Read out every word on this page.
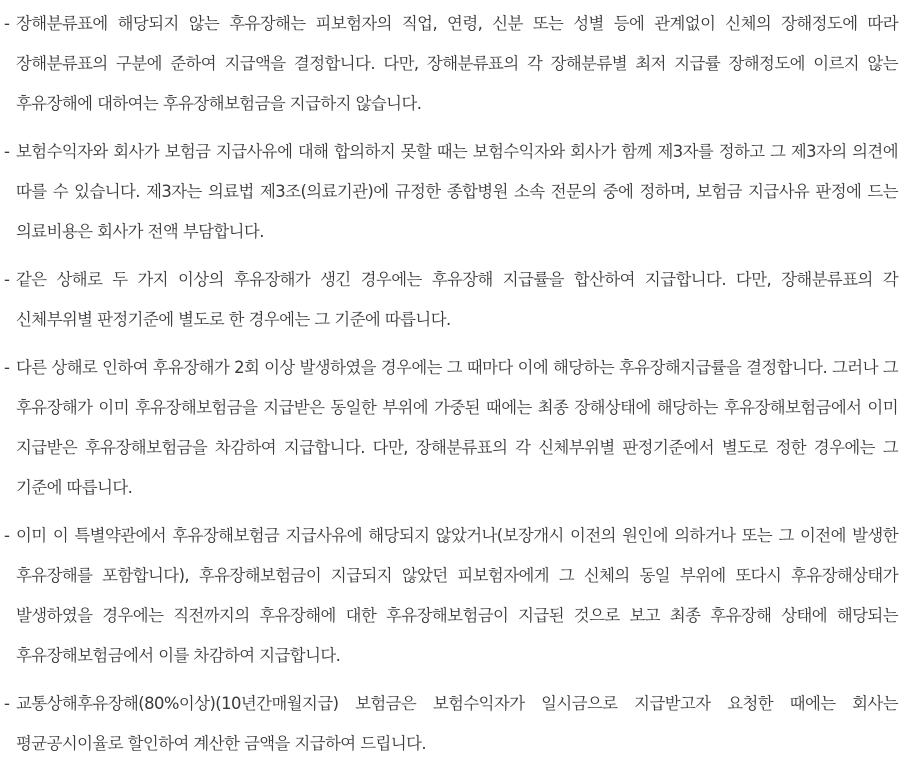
- 장해분류표에 해당되지 않는 후유장해는 피보험자의 직업, 연령, 신분 또는 성별 등에 관계없이 신체의 장해정도에 따라 장해분류표의 구분에 준하여 지급액을 결정합니다. 다만, 장해분류표의 각 장해분류별 최저 지급률 장해정도에 이르지 않는 후유장해에 대하여는 후유장해보험금을 지급하지 않습니다.
- 보험수익자와 회사가 보험금 지급사유에 대해 합의하지 못할 때는 보험수익자와 회사가 함께 제3자를 정하고 그 제3자의 의견에 따를 수 있습니다. 제3자는 의료법 제3조(의료기관)에 규정한 종합병원 소속 전문의 중에 정하며, 보험금 지급사유 판정에 드는 의료비용은 회사가 전액 부담합니다.
- 같은 상해로 두 가지 이상의 후유장해가 생긴 경우에는 후유장해 지급률을 합산하여 지급합니다. 다만, 장해분류표의 각 신체부위별 판정기준에 별도로 한 경우에는 그 기준에 따릅니다.
- 다른 상해로 인하여 후유장해가 2회 이상 발생하였을 경우에는 그 때마다 이에 해당하는 후유장해지급률을 결정합니다. 그러나 그 후유장해가 이미 후유장해보험금을 지급받은 동일한 부위에 가중된 때에는 최종 장해상태에 해당하는 후유장해보험금에서 이미 지급받은 후유장해보험금을 차감하여 지급합니다. 다만, 장해분류표의 각 신체부위별 판정기준에서 별도로 정한 경우에는 그 기준에 따릅니다.
- 이미 이 특별약관에서 후유장해보험금 지급사유에 해당되지 않았거나(보장개시 이전의 원인에 의하거나 또는 그 이전에 발생한 후유장해를 포함합니다), 후유장해보험금이 지급되지 않았던 피보험자에게 그 신체의 동일 부위에 또다시 후유장해상태가 발생하였을 경우에는 직전까지의 후유장해에 대한 후유장해보험금이 지급된 것으로 보고 최종 후유장해 상태에 해당되는 후유장해보험금에서 이를 차감하여 지급합니다.
- 교통상해후유장해(80%이상)(10년간매월지급) 보험금은 보험수익자가 일시금으로 지급받고자 요청한 때에는 회사는 평균공시이율로 할인하여 계산한 금액을 지급하여 드립니다.
